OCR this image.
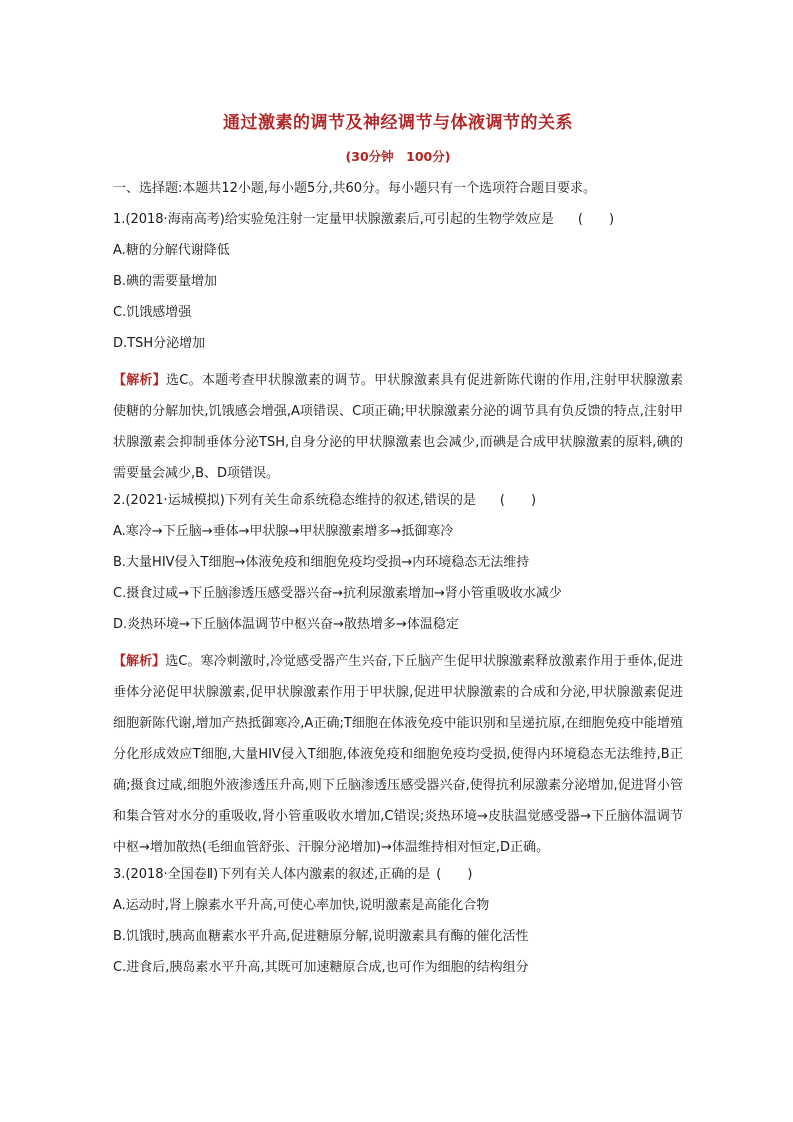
通过激素的调节及神经调节与体液调节的关系
(30分钟　100分)
一、选择题:本题共12小题,每小题5分,共60分。每小题只有一个选项符合题目要求。
1.(2018·海南高考)给实验兔注射一定量甲状腺激素后,可引起的生物学效应是 (　　)
A.糖的分解代谢降低
B.碘的需要量增加
C.饥饿感增强
D.TSH分泌增加
【解析】选C。本题考查甲状腺激素的调节。甲状腺激素具有促进新陈代谢的作用,注射甲状腺激素使糖的分解加快,饥饿感会增强,A项错误、C项正确;甲状腺激素分泌的调节具有负反馈的特点,注射甲状腺激素会抑制垂体分泌TSH,自身分泌的甲状腺激素也会减少,而碘是合成甲状腺激素的原料,碘的需要量会减少,B、D项错误。
2.(2021·运城模拟)下列有关生命系统稳态维持的叙述,错误的是 (　　)
A.寒冷→下丘脑→垂体→甲状腺→甲状腺激素增多→抵御寒冷
B.大量HIV侵入T细胞→体液免疫和细胞免疫均受损→内环境稳态无法维持
C.摄食过咸→下丘脑渗透压感受器兴奋→抗利尿激素增加→肾小管重吸收水减少
D.炎热环境→下丘脑体温调节中枢兴奋→散热增多→体温稳定
【解析】选C。寒冷刺激时,冷觉感受器产生兴奋,下丘脑产生促甲状腺激素释放激素作用于垂体,促进垂体分泌促甲状腺激素,促甲状腺激素作用于甲状腺,促进甲状腺激素的合成和分泌,甲状腺激素促进细胞新陈代谢,增加产热抵御寒冷,A正确;T细胞在体液免疫中能识别和呈递抗原,在细胞免疫中能增殖分化形成效应T细胞,大量HIV侵入T细胞,体液免疫和细胞免疫均受损,使得内环境稳态无法维持,B正确;摄食过咸,细胞外液渗透压升高,则下丘脑渗透压感受器兴奋,使得抗利尿激素分泌增加,促进肾小管和集合管对水分的重吸收,肾小管重吸收水增加,C错误;炎热环境→皮肤温觉感受器→下丘脑体温调节中枢→增加散热(毛细血管舒张、汗腺分泌增加)→体温维持相对恒定,D正确。
3.(2018·全国卷Ⅱ)下列有关人体内激素的叙述,正确的是 (　　)
A.运动时,肾上腺素水平升高,可使心率加快,说明激素是高能化合物
B.饥饿时,胰高血糖素水平升高,促进糖原分解,说明激素具有酶的催化活性
C.进食后,胰岛素水平升高,其既可加速糖原合成,也可作为细胞的结构组分
